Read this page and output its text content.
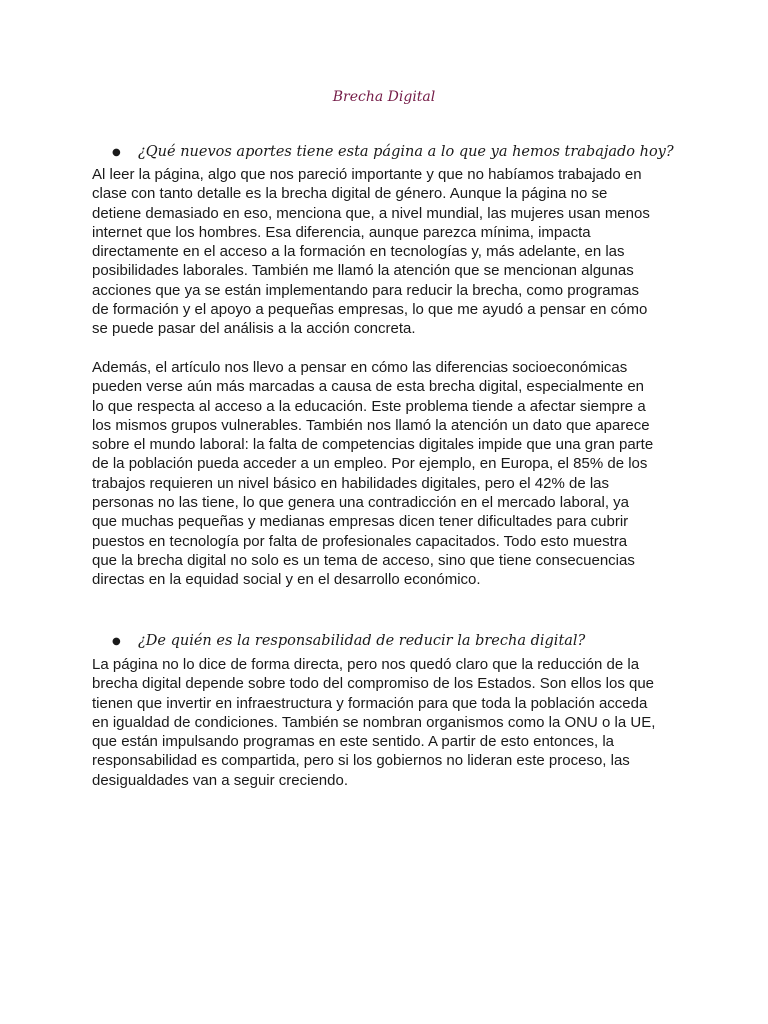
Brecha Digital

● ¿Qué nuevos aportes tiene esta página a lo que ya hemos trabajado hoy?

Al leer la página, algo que nos pareció importante y que no habíamos trabajado en
clase con tanto detalle es la brecha digital de género. Aunque la página no se
detiene demasiado en eso, menciona que, a nivel mundial, las mujeres usan menos
internet que los hombres. Esa diferencia, aunque parezca mínima, impacta
directamente en el acceso a la formación en tecnologías y, más adelante, en las
posibilidades laborales. También me llamó la atención que se mencionan algunas
acciones que ya se están implementando para reducir la brecha, como programas
de formación y el apoyo a pequeñas empresas, lo que me ayudó a pensar en cómo
se puede pasar del análisis a la acción concreta.

Además, el artículo nos llevo a pensar en cómo las diferencias socioeconómicas
pueden verse aún más marcadas a causa de esta brecha digital, especialmente en
lo que respecta al acceso a la educación. Este problema tiende a afectar siempre a
los mismos grupos vulnerables. También nos llamó la atención un dato que aparece
sobre el mundo laboral: la falta de competencias digitales impide que una gran parte
de la población pueda acceder a un empleo. Por ejemplo, en Europa, el 85% de los
trabajos requieren un nivel básico en habilidades digitales, pero el 42% de las
personas no las tiene, lo que genera una contradicción en el mercado laboral, ya
que muchas pequeñas y medianas empresas dicen tener dificultades para cubrir
puestos en tecnología por falta de profesionales capacitados. Todo esto muestra
que la brecha digital no solo es un tema de acceso, sino que tiene consecuencias
directas en la equidad social y en el desarrollo económico.

● ¿De quién es la responsabilidad de reducir la brecha digital?

La página no lo dice de forma directa, pero nos quedó claro que la reducción de la
brecha digital depende sobre todo del compromiso de los Estados. Son ellos los que
tienen que invertir en infraestructura y formación para que toda la población acceda
en igualdad de condiciones. También se nombran organismos como la ONU o la UE,
que están impulsando programas en este sentido. A partir de esto entonces, la
responsabilidad es compartida, pero si los gobiernos no lideran este proceso, las
desigualdades van a seguir creciendo.
